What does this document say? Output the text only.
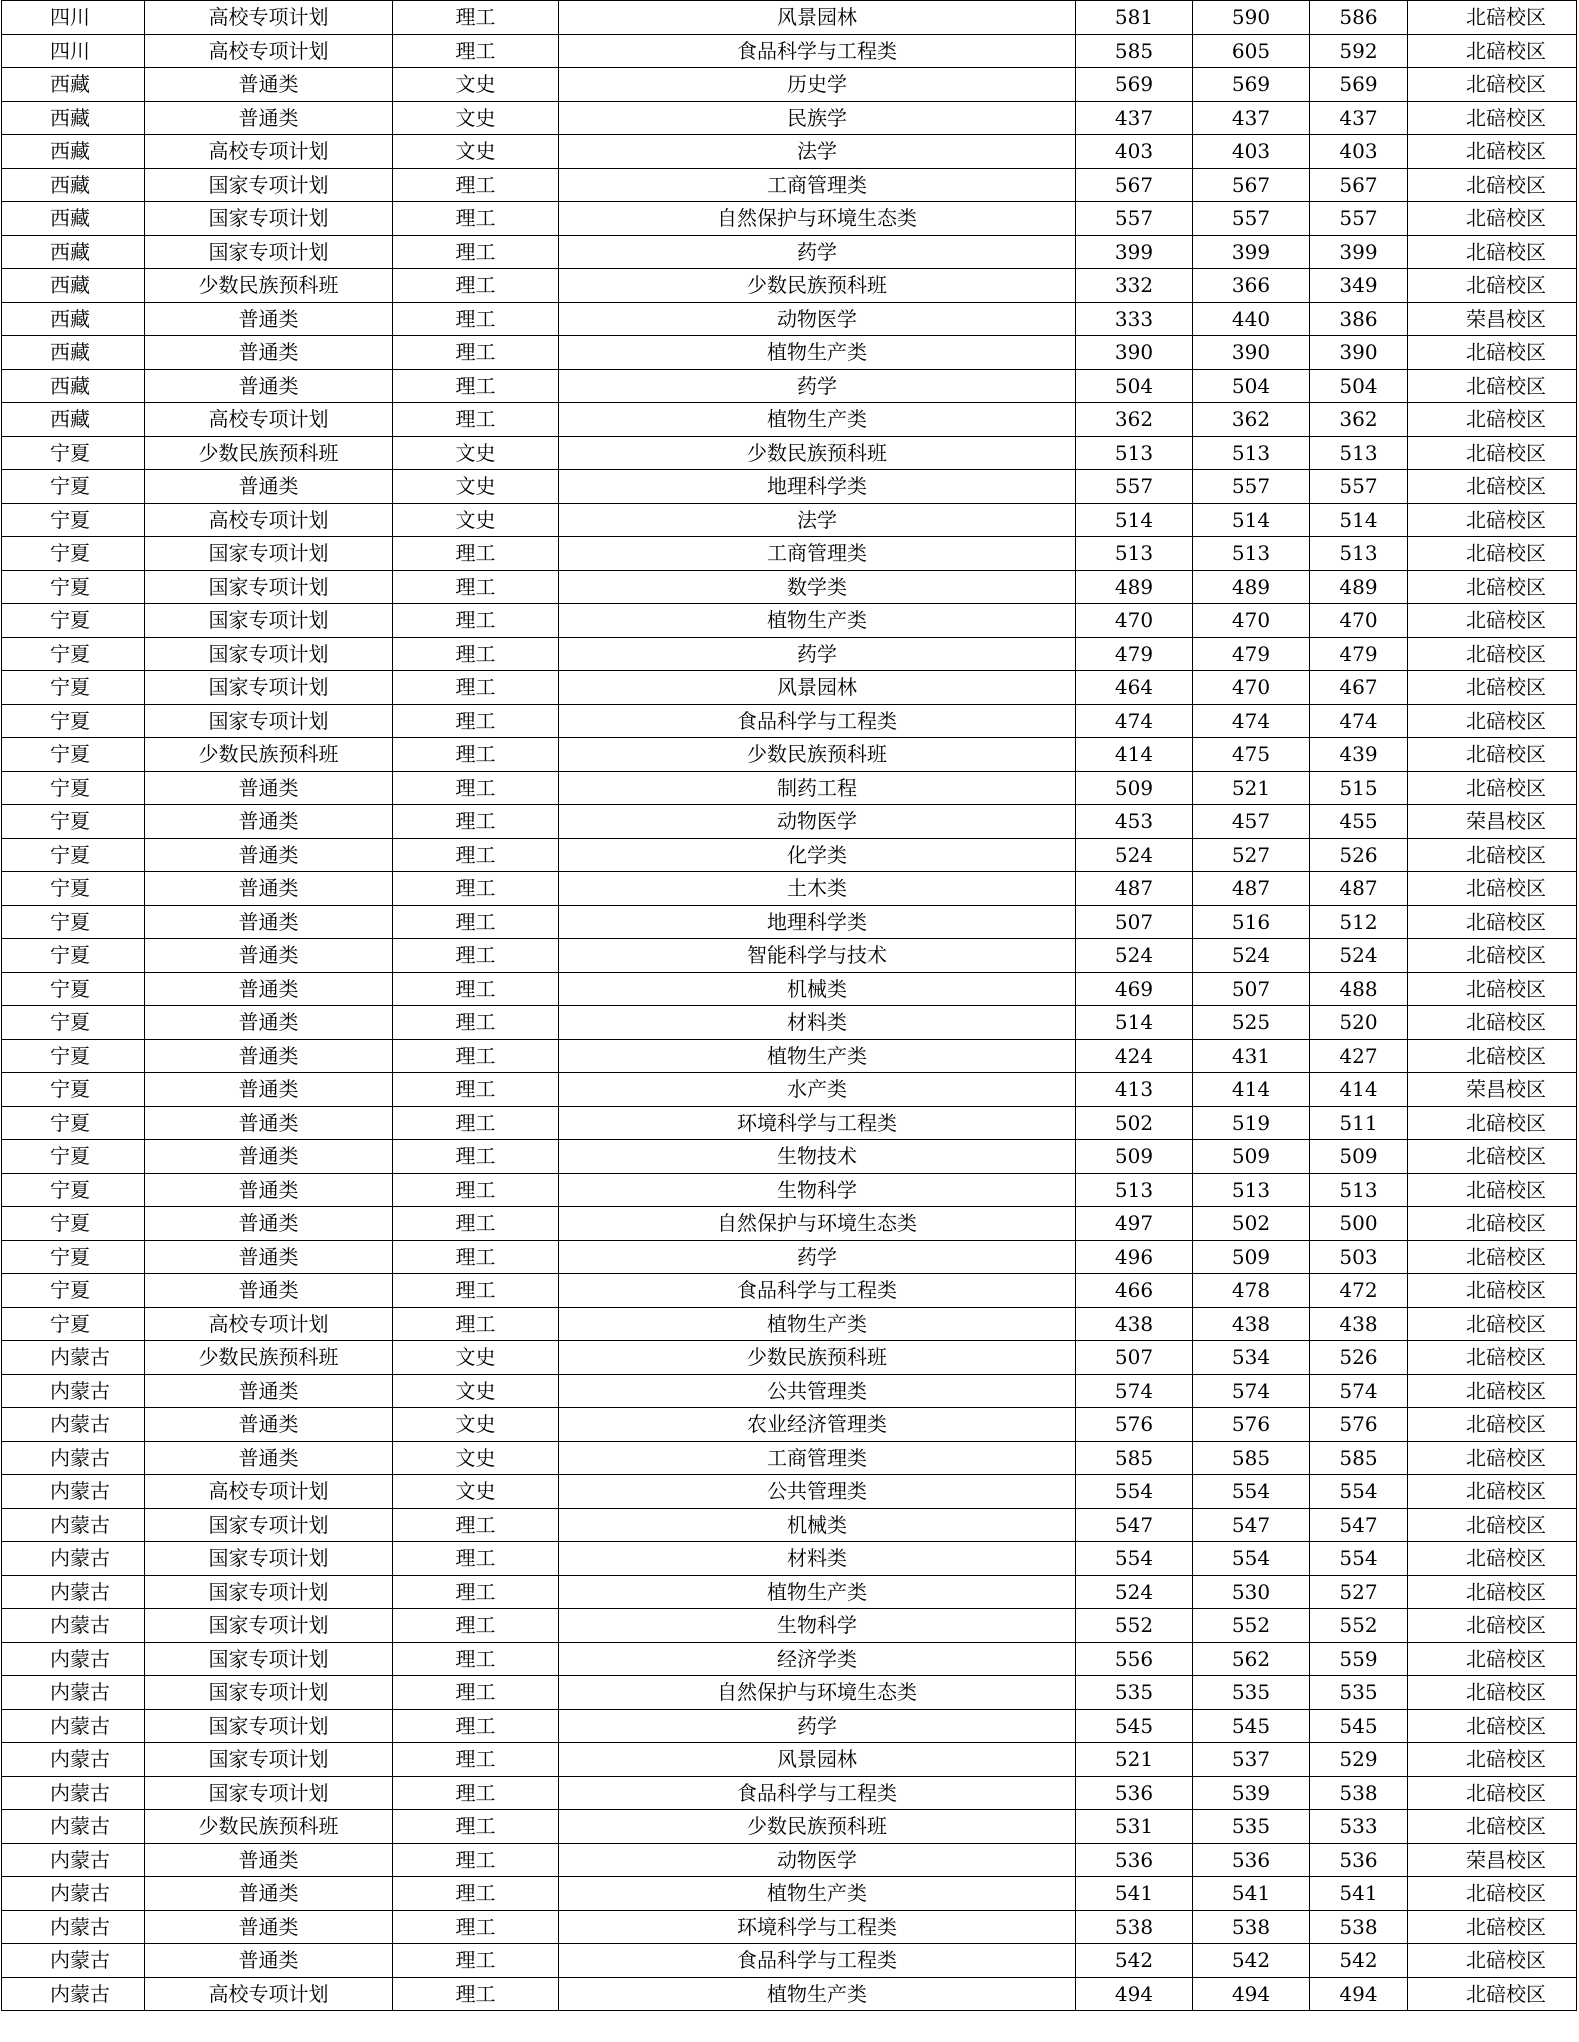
四川	高校专项计划	理工	风景园林	581	590	586	北碚校区
四川	高校专项计划	理工	食品科学与工程类	585	605	592	北碚校区
西藏	普通类	文史	历史学	569	569	569	北碚校区
西藏	普通类	文史	民族学	437	437	437	北碚校区
西藏	高校专项计划	文史	法学	403	403	403	北碚校区
西藏	国家专项计划	理工	工商管理类	567	567	567	北碚校区
西藏	国家专项计划	理工	自然保护与环境生态类	557	557	557	北碚校区
西藏	国家专项计划	理工	药学	399	399	399	北碚校区
西藏	少数民族预科班	理工	少数民族预科班	332	366	349	北碚校区
西藏	普通类	理工	动物医学	333	440	386	荣昌校区
西藏	普通类	理工	植物生产类	390	390	390	北碚校区
西藏	普通类	理工	药学	504	504	504	北碚校区
西藏	高校专项计划	理工	植物生产类	362	362	362	北碚校区
宁夏	少数民族预科班	文史	少数民族预科班	513	513	513	北碚校区
宁夏	普通类	文史	地理科学类	557	557	557	北碚校区
宁夏	高校专项计划	文史	法学	514	514	514	北碚校区
宁夏	国家专项计划	理工	工商管理类	513	513	513	北碚校区
宁夏	国家专项计划	理工	数学类	489	489	489	北碚校区
宁夏	国家专项计划	理工	植物生产类	470	470	470	北碚校区
宁夏	国家专项计划	理工	药学	479	479	479	北碚校区
宁夏	国家专项计划	理工	风景园林	464	470	467	北碚校区
宁夏	国家专项计划	理工	食品科学与工程类	474	474	474	北碚校区
宁夏	少数民族预科班	理工	少数民族预科班	414	475	439	北碚校区
宁夏	普通类	理工	制药工程	509	521	515	北碚校区
宁夏	普通类	理工	动物医学	453	457	455	荣昌校区
宁夏	普通类	理工	化学类	524	527	526	北碚校区
宁夏	普通类	理工	土木类	487	487	487	北碚校区
宁夏	普通类	理工	地理科学类	507	516	512	北碚校区
宁夏	普通类	理工	智能科学与技术	524	524	524	北碚校区
宁夏	普通类	理工	机械类	469	507	488	北碚校区
宁夏	普通类	理工	材料类	514	525	520	北碚校区
宁夏	普通类	理工	植物生产类	424	431	427	北碚校区
宁夏	普通类	理工	水产类	413	414	414	荣昌校区
宁夏	普通类	理工	环境科学与工程类	502	519	511	北碚校区
宁夏	普通类	理工	生物技术	509	509	509	北碚校区
宁夏	普通类	理工	生物科学	513	513	513	北碚校区
宁夏	普通类	理工	自然保护与环境生态类	497	502	500	北碚校区
宁夏	普通类	理工	药学	496	509	503	北碚校区
宁夏	普通类	理工	食品科学与工程类	466	478	472	北碚校区
宁夏	高校专项计划	理工	植物生产类	438	438	438	北碚校区
内蒙古	少数民族预科班	文史	少数民族预科班	507	534	526	北碚校区
内蒙古	普通类	文史	公共管理类	574	574	574	北碚校区
内蒙古	普通类	文史	农业经济管理类	576	576	576	北碚校区
内蒙古	普通类	文史	工商管理类	585	585	585	北碚校区
内蒙古	高校专项计划	文史	公共管理类	554	554	554	北碚校区
内蒙古	国家专项计划	理工	机械类	547	547	547	北碚校区
内蒙古	国家专项计划	理工	材料类	554	554	554	北碚校区
内蒙古	国家专项计划	理工	植物生产类	524	530	527	北碚校区
内蒙古	国家专项计划	理工	生物科学	552	552	552	北碚校区
内蒙古	国家专项计划	理工	经济学类	556	562	559	北碚校区
内蒙古	国家专项计划	理工	自然保护与环境生态类	535	535	535	北碚校区
内蒙古	国家专项计划	理工	药学	545	545	545	北碚校区
内蒙古	国家专项计划	理工	风景园林	521	537	529	北碚校区
内蒙古	国家专项计划	理工	食品科学与工程类	536	539	538	北碚校区
内蒙古	少数民族预科班	理工	少数民族预科班	531	535	533	北碚校区
内蒙古	普通类	理工	动物医学	536	536	536	荣昌校区
内蒙古	普通类	理工	植物生产类	541	541	541	北碚校区
内蒙古	普通类	理工	环境科学与工程类	538	538	538	北碚校区
内蒙古	普通类	理工	食品科学与工程类	542	542	542	北碚校区
内蒙古	高校专项计划	理工	植物生产类	494	494	494	北碚校区
